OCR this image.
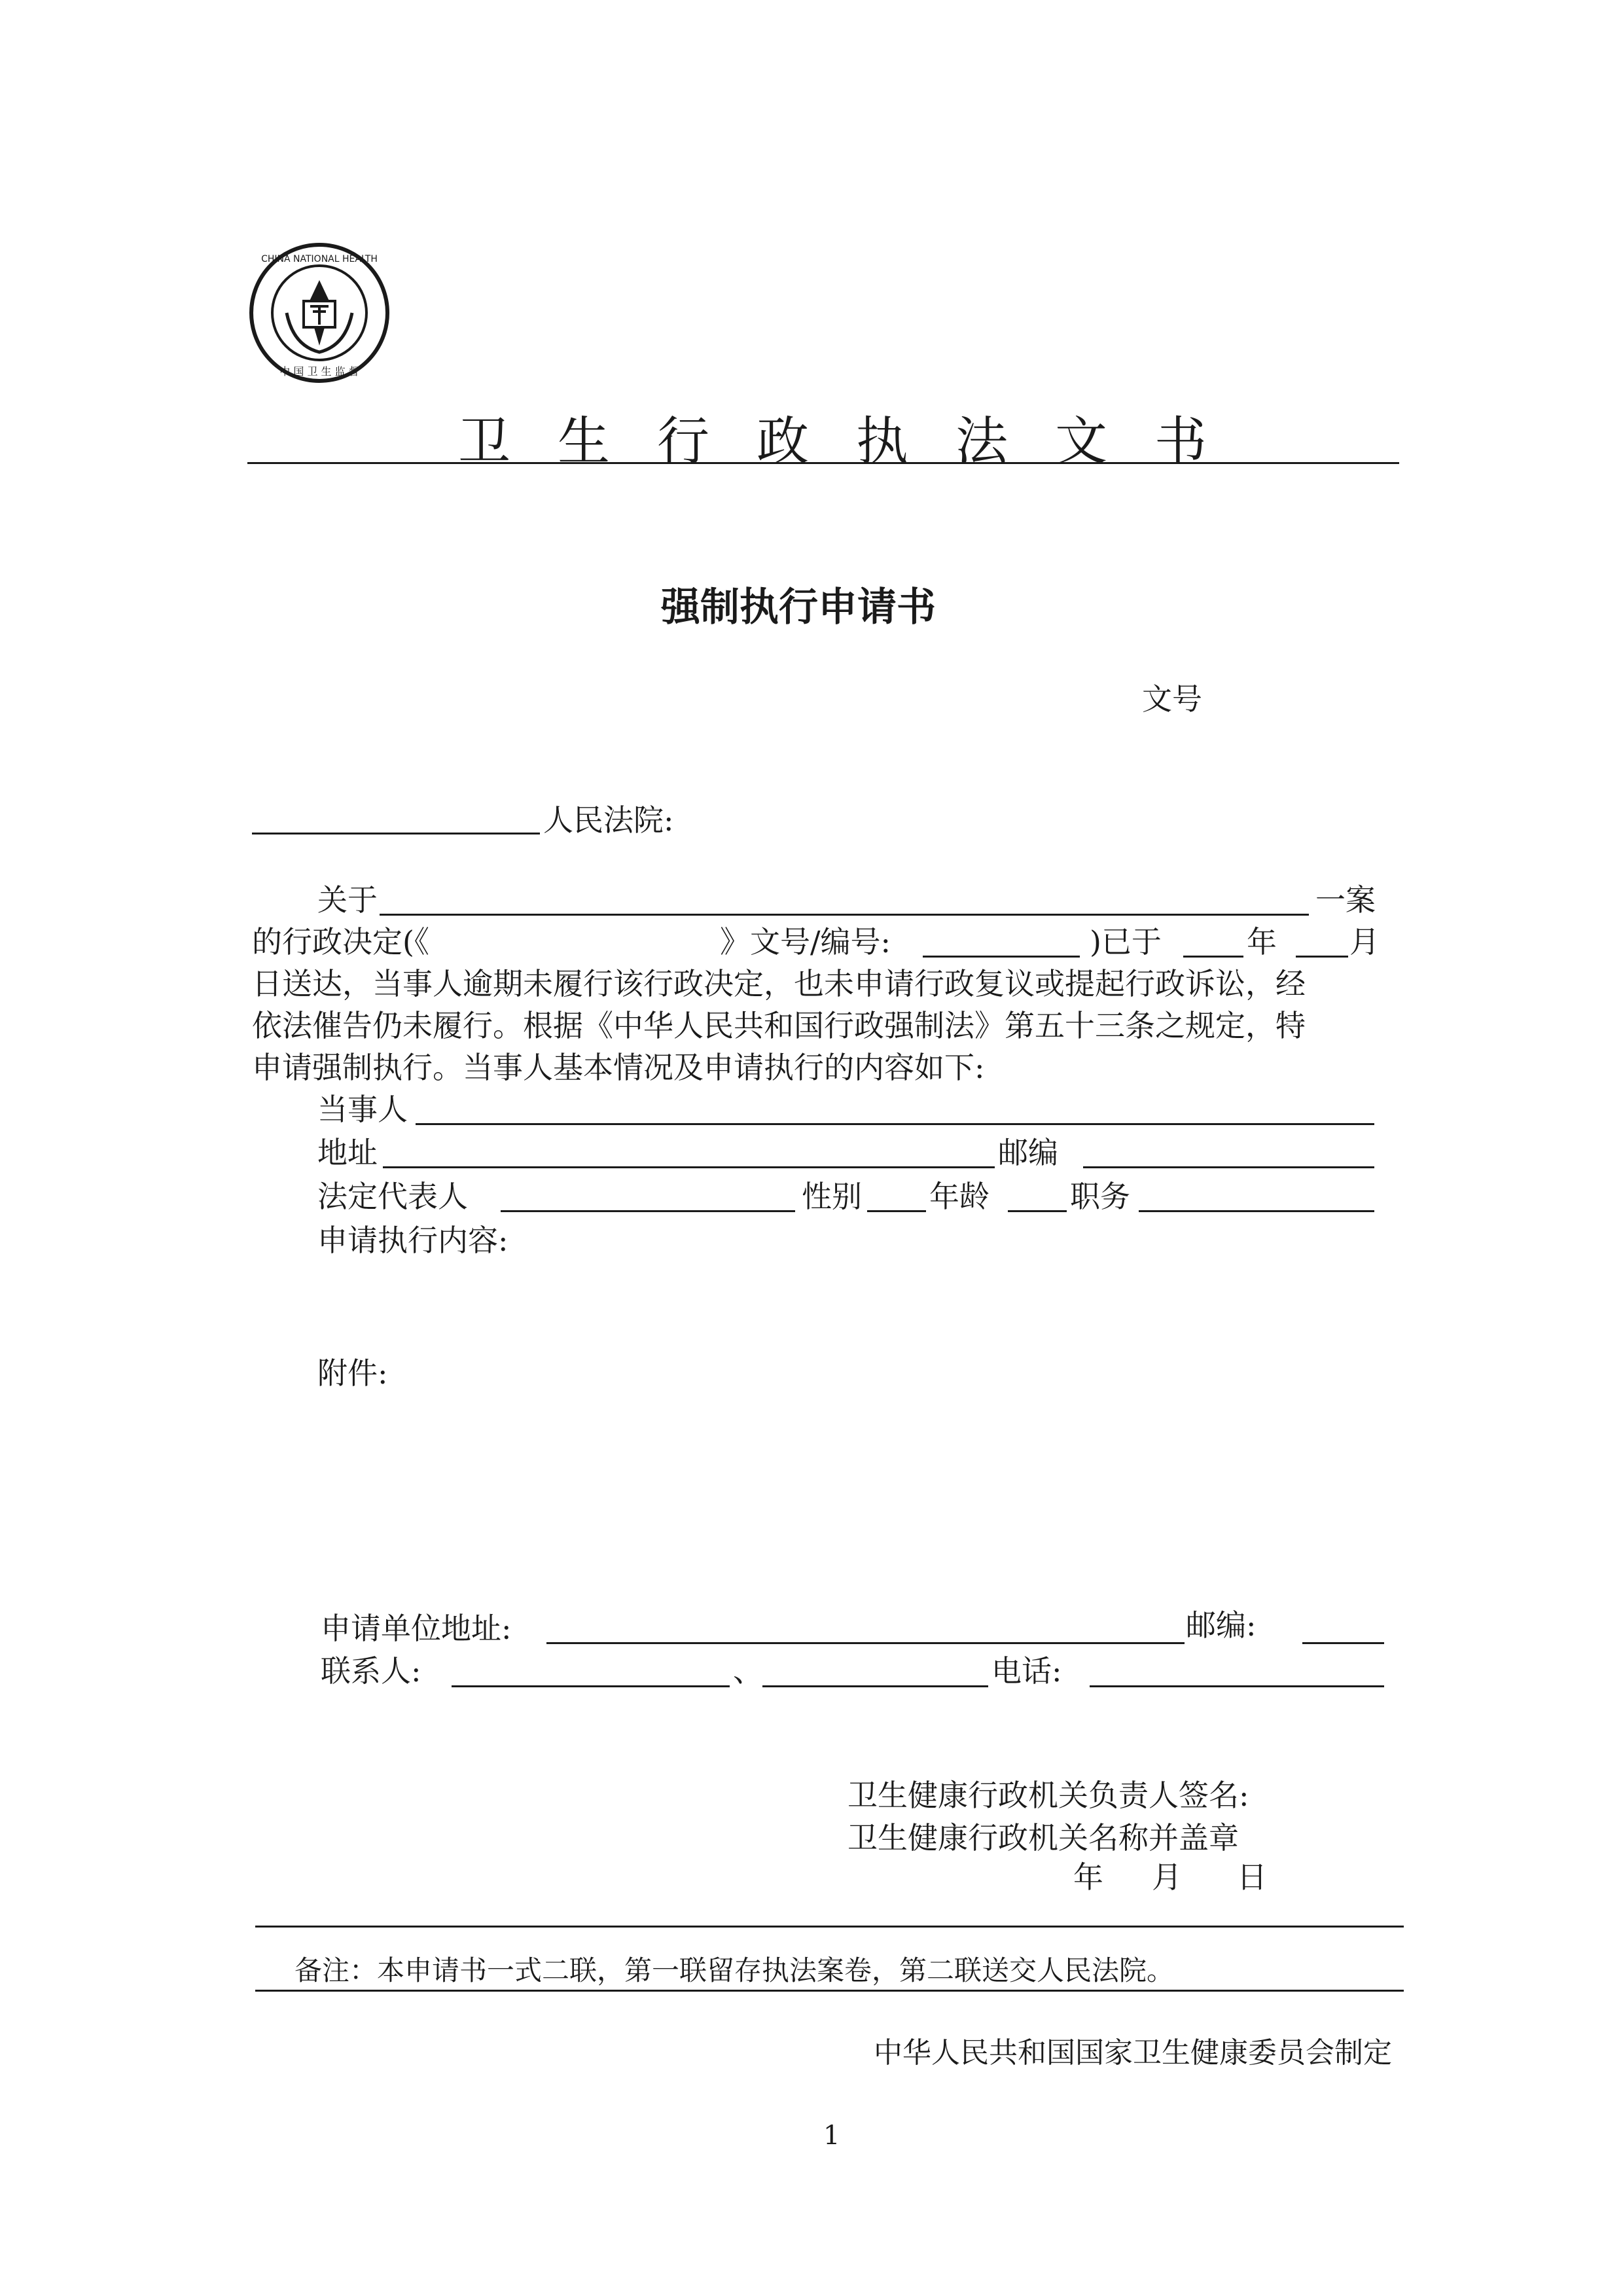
CHINA NATIONAL HEALTH
中 国 卫 生 监 督
卫生行政执法文书
强制执行申请书
文号
人民法院:
关于	一案
的行政决定(《	》文号/编号:	)已于	年 月
日送达，当事人逾期未履行该行政决定，也未申请行政复议或提起行政诉讼，经
依法催告仍未履行。根据《中华人民共和国行政强制法》第五十三条之规定，特
申请强制执行。当事人基本情况及申请执行的内容如下:
当事人
地址	邮编
法定代表人	性别 年龄	职务
申请执行内容:
附件:
申请单位地址:	邮编:
联系人:	、	电话:
卫生健康行政机关负责人签名:
卫生健康行政机关名称并盖章
年 月 日
备注：本申请书一式二联，第一联留存执法案卷，第二联送交人民法院。
中华人民共和国国家卫生健康委员会制定
1
